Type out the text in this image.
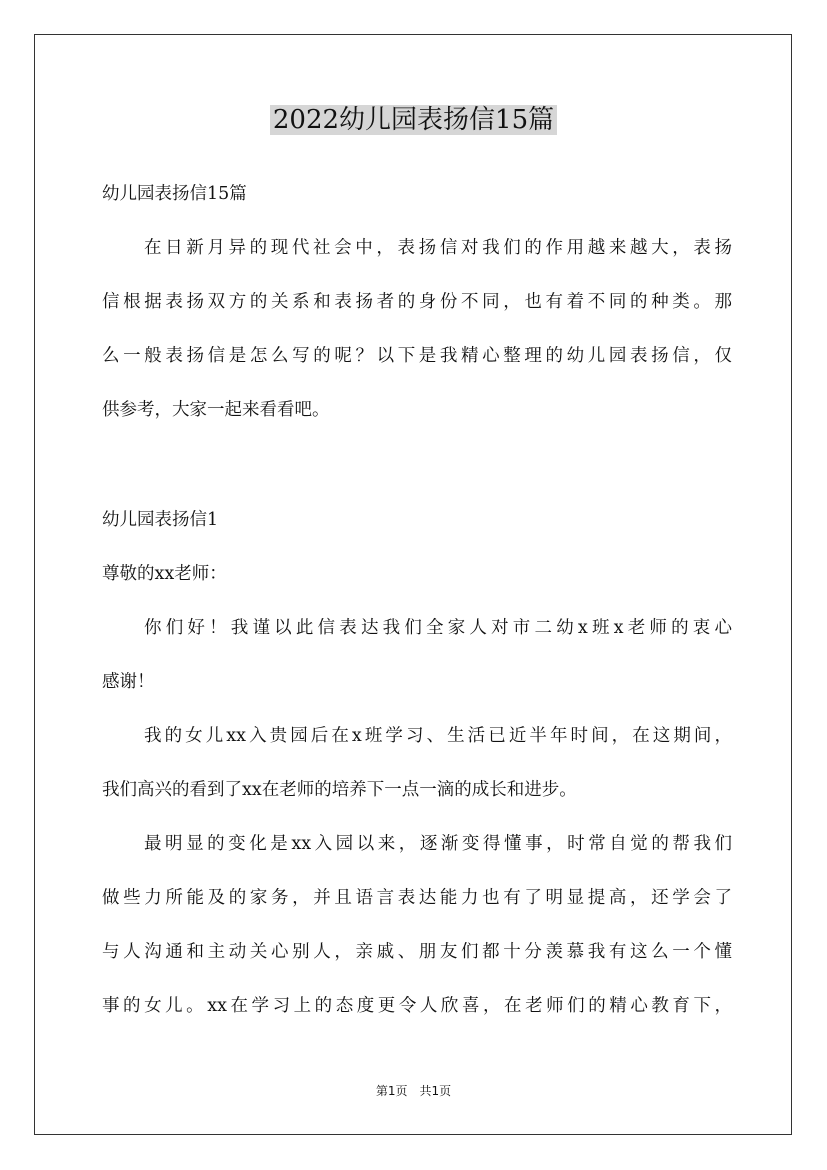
2022幼儿园表扬信15篇
幼儿园表扬信15篇
在日新月异的现代社会中，表扬信对我们的作用越来越大，表扬
信根据表扬双方的关系和表扬者的身份不同，也有着不同的种类。那
么一般表扬信是怎么写的呢？以下是我精心整理的幼儿园表扬信，仅
供参考，大家一起来看看吧。
幼儿园表扬信1
尊敬的xx老师：
你们好！我谨以此信表达我们全家人对市二幼x班x老师的衷心
感谢！
我的女儿xx入贵园后在x班学习、生活已近半年时间，在这期间，
我们高兴的看到了xx在老师的培养下一点一滴的成长和进步。
最明显的变化是xx入园以来，逐渐变得懂事，时常自觉的帮我们
做些力所能及的家务，并且语言表达能力也有了明显提高，还学会了
与人沟通和主动关心别人，亲戚、朋友们都十分羡慕我有这么一个懂
事的女儿。xx在学习上的态度更令人欣喜，在老师们的精心教育下，
第1页 共1页
